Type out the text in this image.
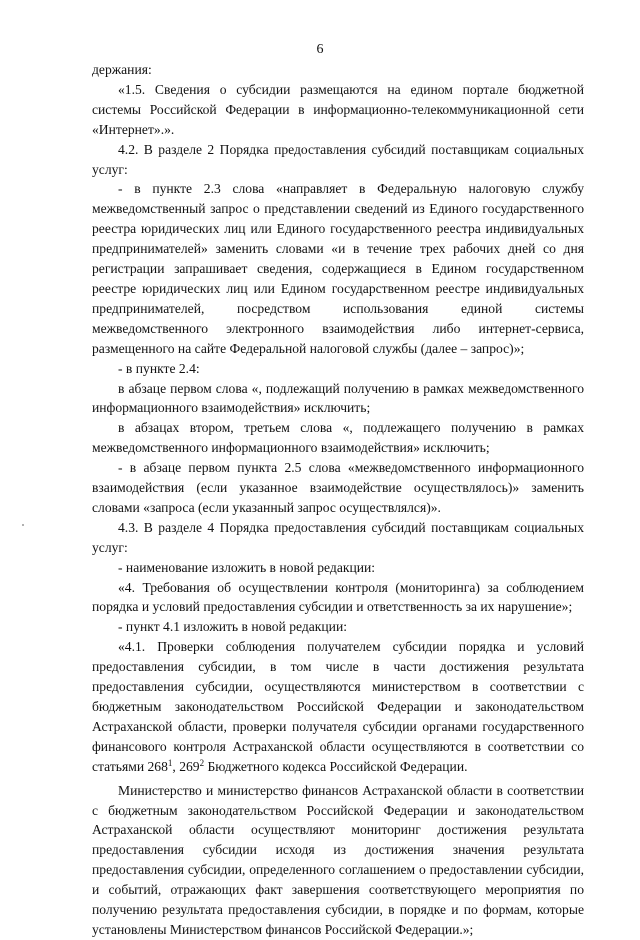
6

держания:

«1.5. Сведения о субсидии размещаются на едином портале бюджетной системы Российской Федерации в информационно-телекоммуникационной сети «Интернет».».

4.2. В разделе 2 Порядка предоставления субсидий поставщикам социальных услуг:

- в пункте 2.3 слова «направляет в Федеральную налоговую службу межведомственный запрос о представлении сведений из Единого государственного реестра юридических лиц или Единого государственного реестра индивидуальных предпринимателей» заменить словами «и в течение трех рабочих дней со дня регистрации запрашивает сведения, содержащиеся в Едином государственном реестре юридических лиц или Едином государственном реестре индивидуальных предпринимателей, посредством использования единой системы межведомственного электронного взаимодействия либо интернет-сервиса, размещенного на сайте Федеральной налоговой службы (далее – запрос)»;

- в пункте 2.4:

в абзаце первом слова «, подлежащий получению в рамках межведомственного информационного взаимодействия» исключить;

в абзацах втором, третьем слова «, подлежащего получению в рамках межведомственного информационного взаимодействия» исключить;

- в абзаце первом пункта 2.5 слова «межведомственного информационного взаимодействия (если указанное взаимодействие осуществлялось)» заменить словами «запроса (если указанный запрос осуществлялся)».

4.3. В разделе 4 Порядка предоставления субсидий поставщикам социальных услуг:

- наименование изложить в новой редакции:

«4. Требования об осуществлении контроля (мониторинга) за соблюдением порядка и условий предоставления субсидии и ответственность за их нарушение»;

- пункт 4.1 изложить в новой редакции:

«4.1. Проверки соблюдения получателем субсидии порядка и условий предоставления субсидии, в том числе в части достижения результата предоставления субсидии, осуществляются министерством в соответствии с бюджетным законодательством Российской Федерации и законодательством Астраханской области, проверки получателя субсидии органами государственного финансового контроля Астраханской области осуществляются в соответствии со статьями $268^1$, $269^2$ Бюджетного кодекса Российской Федерации.

Министерство и министерство финансов Астраханской области в соответствии с бюджетным законодательством Российской Федерации и законодательством Астраханской области осуществляют мониторинг достижения результата предоставления субсидии исходя из достижения значения результата предоставления субсидии, определенного соглашением о предоставлении субсидии, и событий, отражающих факт завершения соответствующего мероприятия по получению результата предоставления субсидии, в порядке и по формам, которые установлены Министерством финансов Российской Федерации.»;
